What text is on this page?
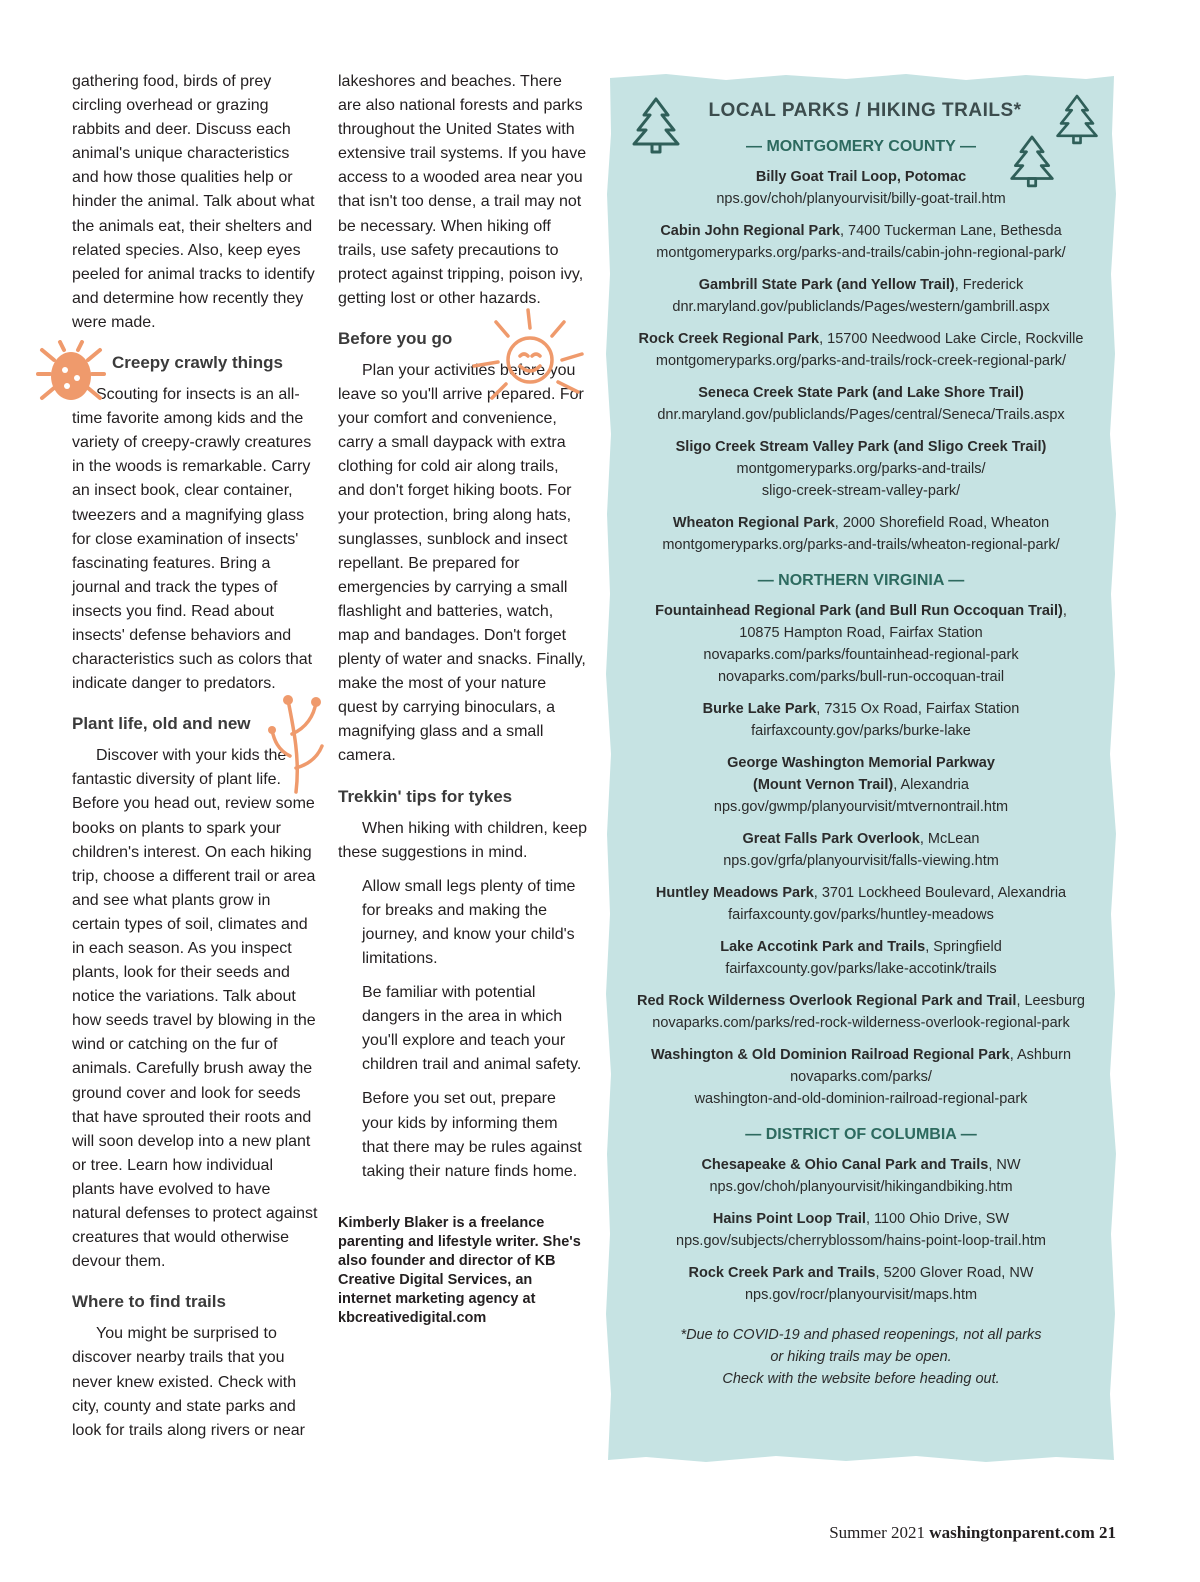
gathering food, birds of prey circling overhead or grazing rabbits and deer. Discuss each animal's unique characteristics and how those qualities help or hinder the animal. Talk about what the animals eat, their shelters and related species. Also, keep eyes peeled for animal tracks to identify and determine how recently they were made.

Creepy crawly things

Scouting for insects is an all-time favorite among kids and the variety of creepy-crawly creatures in the woods is remarkable. Carry an insect book, clear container, tweezers and a magnifying glass for close examination of insects' fascinating features. Bring a journal and track the types of insects you find. Read about insects' defense behaviors and characteristics such as colors that indicate danger to predators.

Plant life, old and new

Discover with your kids the fantastic diversity of plant life. Before you head out, review some books on plants to spark your children's interest. On each hiking trip, choose a different trail or area and see what plants grow in certain types of soil, climates and in each season. As you inspect plants, look for their seeds and notice the variations. Talk about how seeds travel by blowing in the wind or catching on the fur of animals. Carefully brush away the ground cover and look for seeds that have sprouted their roots and will soon develop into a new plant or tree. Learn how individual plants have evolved to have natural defenses to protect against creatures that would otherwise devour them.

Where to find trails

You might be surprised to discover nearby trails that you never knew existed. Check with city, county and state parks and look for trails along rivers or near

lakeshores and beaches. There are also national forests and parks throughout the United States with extensive trail systems. If you have access to a wooded area near you that isn't too dense, a trail may not be necessary. When hiking off trails, use safety precautions to protect against tripping, poison ivy, getting lost or other hazards.

Before you go

Plan your activities before you leave so you'll arrive prepared. For your comfort and convenience, carry a small daypack with extra clothing for cold air along trails, and don't forget hiking boots. For your protection, bring along hats, sunglasses, sunblock and insect repellant. Be prepared for emergencies by carrying a small flashlight and batteries, watch, map and bandages. Don't forget plenty of water and snacks. Finally, make the most of your nature quest by carrying binoculars, a magnifying glass and a small camera.

Trekkin' tips for tykes

When hiking with children, keep these suggestions in mind.

Allow small legs plenty of time for breaks and making the journey, and know your child's limitations.

Be familiar with potential dangers in the area in which you'll explore and teach your children trail and animal safety.

Before you set out, prepare your kids by informing them that there may be rules against taking their nature finds home.

Kimberly Blaker is a freelance parenting and lifestyle writer. She's also founder and director of KB Creative Digital Services, an internet marketing agency at kbcreativedigital.com

LOCAL PARKS / HIKING TRAILS*
— MONTGOMERY COUNTY —
Billy Goat Trail Loop, Potomac
nps.gov/choh/planyourvisit/billy-goat-trail.htm
Cabin John Regional Park, 7400 Tuckerman Lane, Bethesda
montgomeryparks.org/parks-and-trails/cabin-john-regional-park/
Gambrill State Park (and Yellow Trail), Frederick
dnr.maryland.gov/publiclands/Pages/western/gambrill.aspx
Rock Creek Regional Park, 15700 Needwood Lake Circle, Rockville
montgomeryparks.org/parks-and-trails/rock-creek-regional-park/
Seneca Creek State Park (and Lake Shore Trail)
dnr.maryland.gov/publiclands/Pages/central/Seneca/Trails.aspx
Sligo Creek Stream Valley Park (and Sligo Creek Trail)
montgomeryparks.org/parks-and-trails/
sligo-creek-stream-valley-park/
Wheaton Regional Park, 2000 Shorefield Road, Wheaton
montgomeryparks.org/parks-and-trails/wheaton-regional-park/
— NORTHERN VIRGINIA —
Fountainhead Regional Park (and Bull Run Occoquan Trail),
10875 Hampton Road, Fairfax Station
novaparks.com/parks/fountainhead-regional-park
novaparks.com/parks/bull-run-occoquan-trail
Burke Lake Park, 7315 Ox Road, Fairfax Station
fairfaxcounty.gov/parks/burke-lake
George Washington Memorial Parkway
(Mount Vernon Trail), Alexandria
nps.gov/gwmp/planyourvisit/mtvernontrail.htm
Great Falls Park Overlook, McLean
nps.gov/grfa/planyourvisit/falls-viewing.htm
Huntley Meadows Park, 3701 Lockheed Boulevard, Alexandria
fairfaxcounty.gov/parks/huntley-meadows
Lake Accotink Park and Trails, Springfield
fairfaxcounty.gov/parks/lake-accotink/trails
Red Rock Wilderness Overlook Regional Park and Trail, Leesburg
novaparks.com/parks/red-rock-wilderness-overlook-regional-park
Washington & Old Dominion Railroad Regional Park, Ashburn
novaparks.com/parks/
washington-and-old-dominion-railroad-regional-park
— DISTRICT OF COLUMBIA —
Chesapeake & Ohio Canal Park and Trails, NW
nps.gov/choh/planyourvisit/hikingandbiking.htm
Hains Point Loop Trail, 1100 Ohio Drive, SW
nps.gov/subjects/cherryblossom/hains-point-loop-trail.htm
Rock Creek Park and Trails, 5200 Glover Road, NW
nps.gov/rocr/planyourvisit/maps.htm
*Due to COVID-19 and phased reopenings, not all parks
or hiking trails may be open.
Check with the website before heading out.
Summer 2021 washingtonparent.com 21
